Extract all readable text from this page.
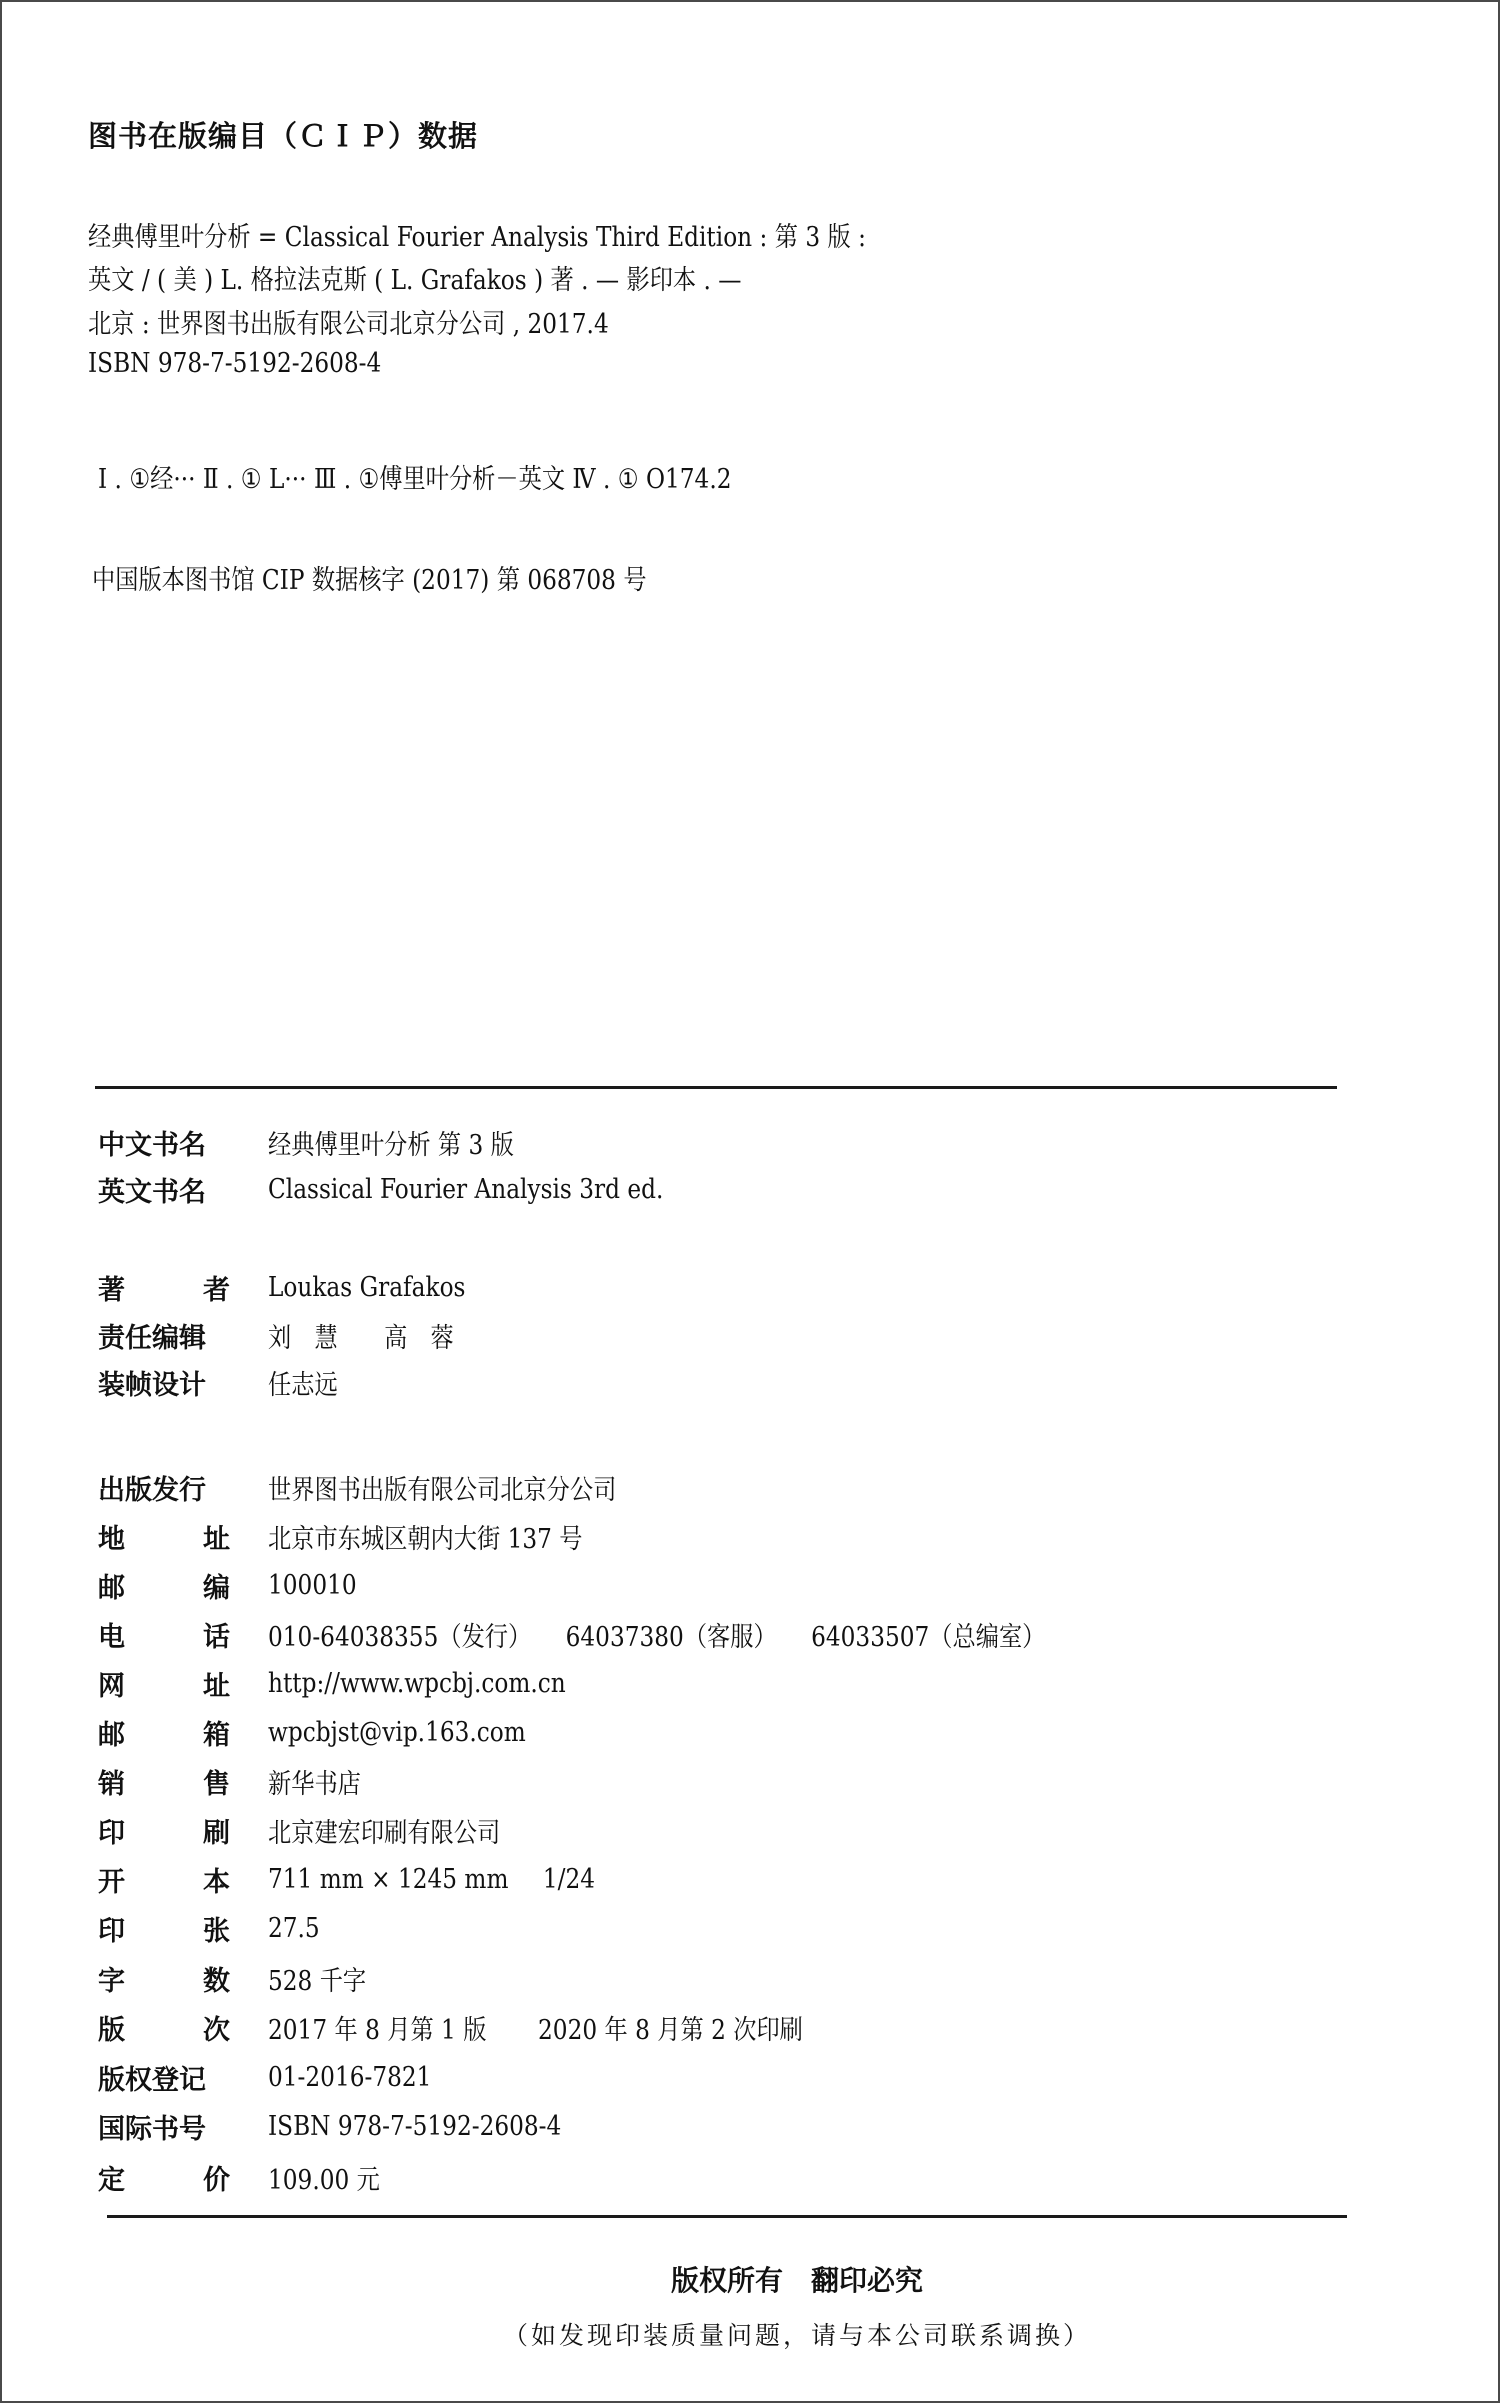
图书在版编目（ＣＩＰ）数据
经典傅里叶分析 = Classical Fourier Analysis Third Edition : 第 3 版 :
英文 / ( 美 ) L. 格拉法克斯 ( L. Grafakos ) 著 . — 影印本 . —
北京 : 世界图书出版有限公司北京分公司 , 2017.4
ISBN 978-7-5192-2608-4
Ⅰ . ①经··· Ⅱ . ① L··· Ⅲ . ①傅里叶分析－英文 Ⅳ . ① O174.2
中国版本图书馆 CIP 数据核字 (2017) 第 068708 号
中文书名 经典傅里叶分析 第 3 版
英文书名 Classical Fourier Analysis 3rd ed.
著	者 Loukas Grafakos
责任编辑 刘　慧　　高　蓉
装帧设计 任志远
出版发行 世界图书出版有限公司北京分公司
地	址 北京市东城区朝内大街 137 号
邮	编 100010
电	话 010-64038355（发行） 64037380（客服） 64033507（总编室）
网	址 http://www.wpcbj.com.cn
邮	箱 wpcbjst@vip.163.com
销	售 新华书店
印	刷 北京建宏印刷有限公司
开	本 711 mm × 1245 mm 1/24
印	张 27.5
字	数 528 千字
版	次 2017 年 8 月第 1 版 2020 年 8 月第 2 次印刷
版权登记 01-2016-7821
国际书号 ISBN 978-7-5192-2608-4
定	价 109.00 元
版权所有　翻印必究
（如发现印装质量问题，请与本公司联系调换）
